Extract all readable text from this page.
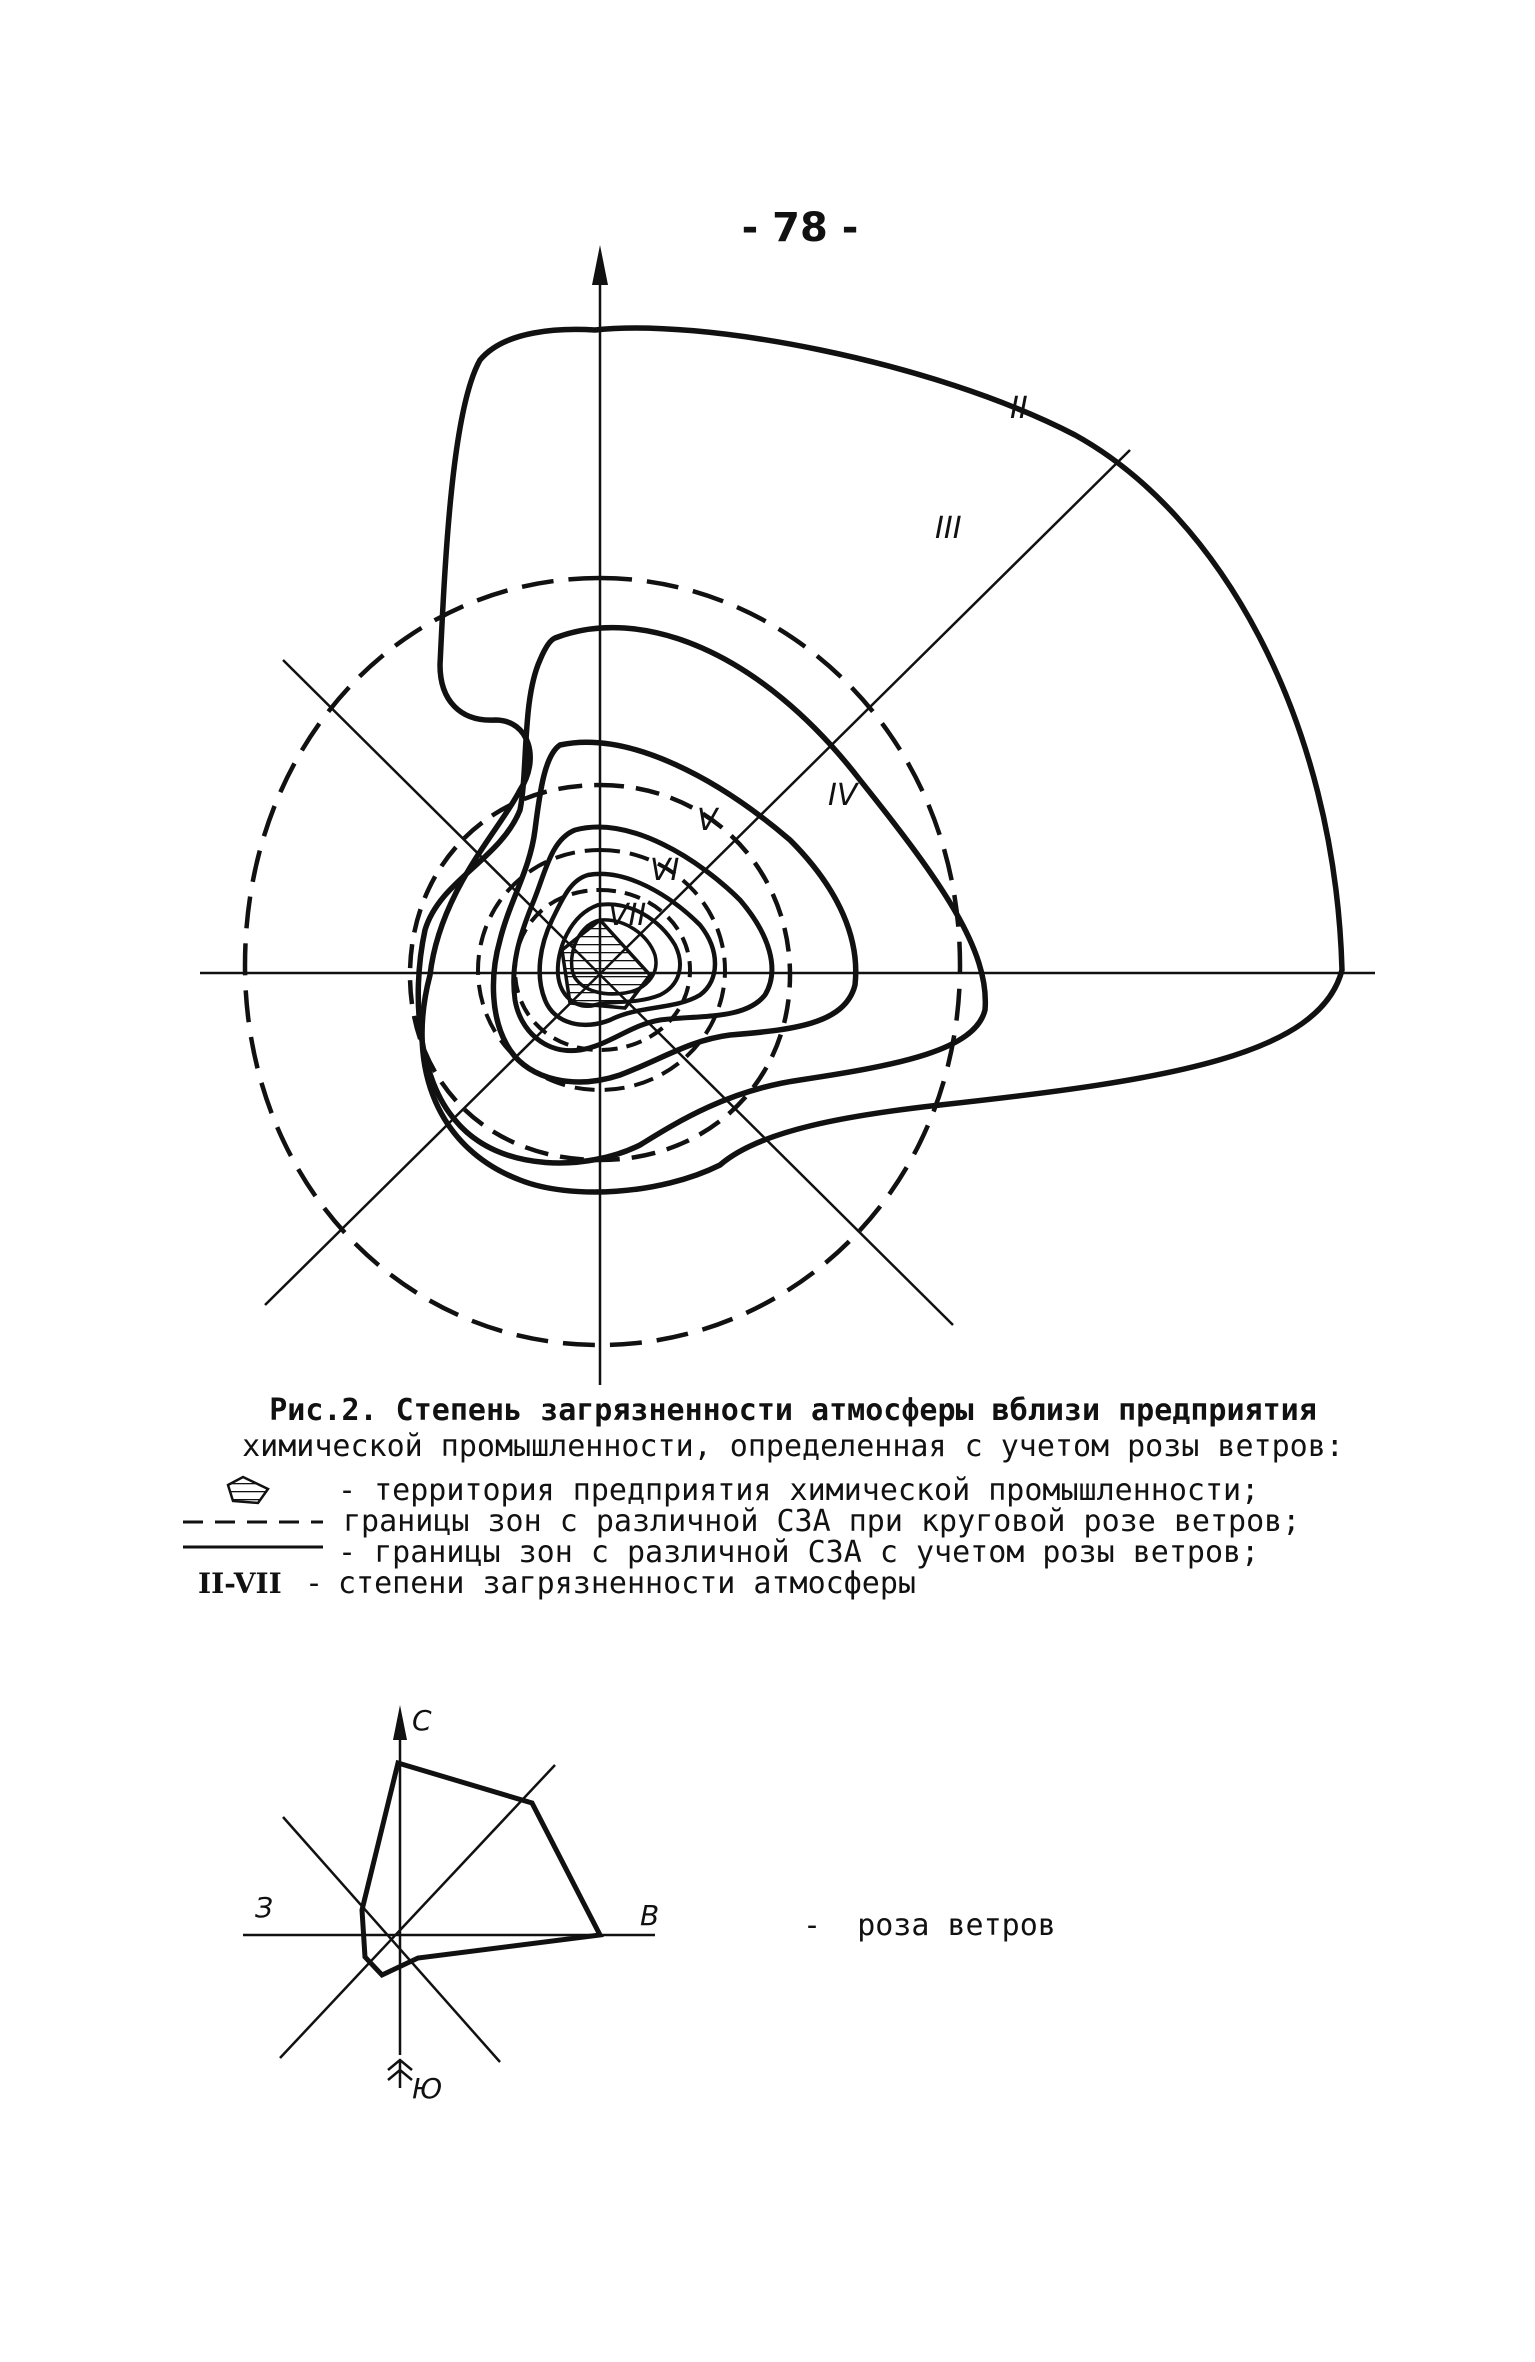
- 78 -
II
III
IV
V
VI
VII
С
В
З
Ю
Рис.2. Степень загрязненности атмосферы вблизи предприятия
химической промышленности, определенная с учетом розы ветров:
- территория предприятия химической промышленности;
границы зон с различной СЗА при круговой розе ветров;
- границы зон с различной СЗА с учетом розы ветров;
II-VII - степени загрязненности атмосферы
-  роза ветров
